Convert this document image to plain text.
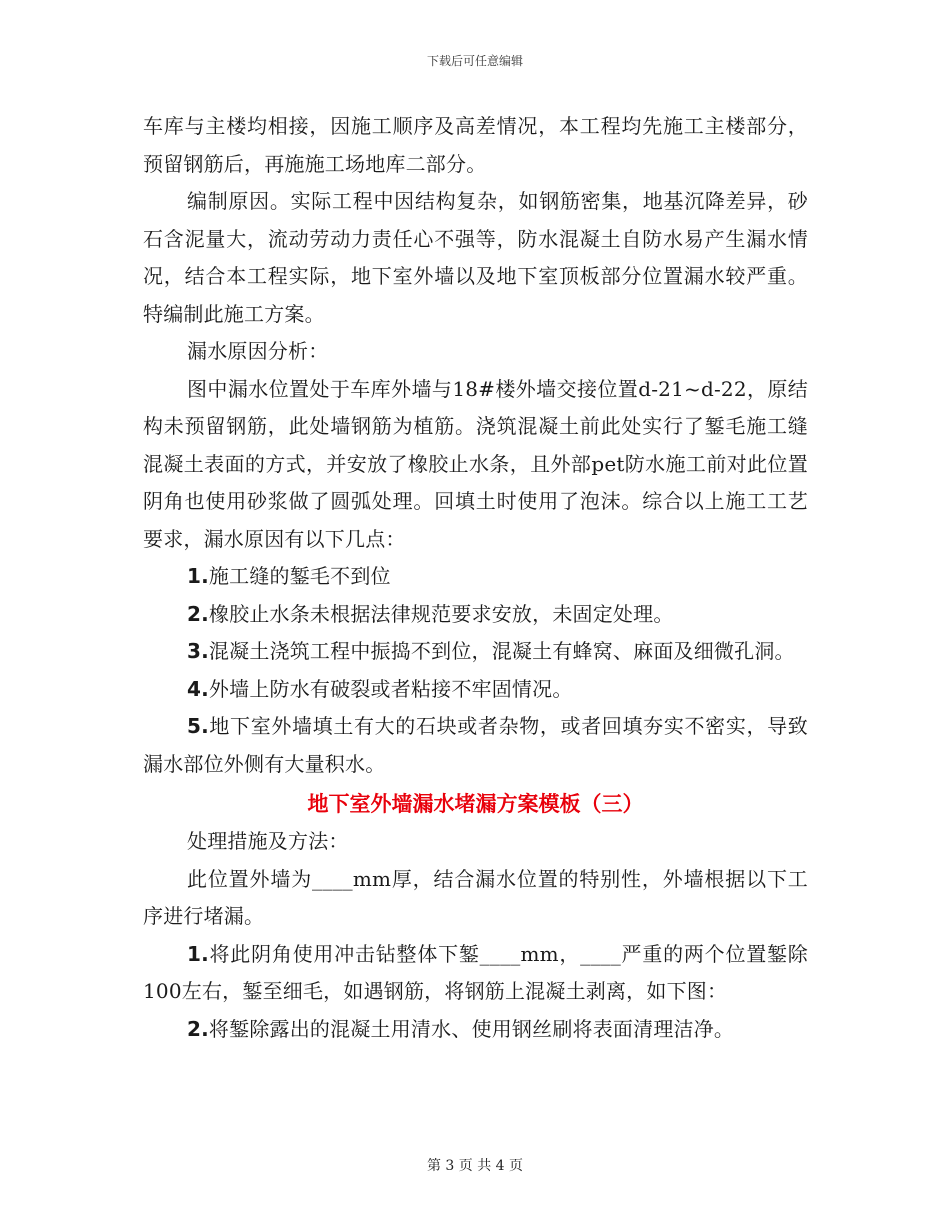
下载后可任意编辑

车库与主楼均相接，因施工顺序及高差情况，本工程均先施工主楼部分，预留钢筋后，再施施工场地库二部分。

编制原因。实际工程中因结构复杂，如钢筋密集，地基沉降差异，砂石含泥量大，流动劳动力责任心不强等，防水混凝土自防水易产生漏水情况，结合本工程实际，地下室外墙以及地下室顶板部分位置漏水较严重。特编制此施工方案。

漏水原因分析：

图中漏水位置处于车库外墙与18#楼外墙交接位置d-21~d-22，原结构未预留钢筋，此处墙钢筋为植筋。浇筑混凝土前此处实行了錾毛施工缝混凝土表面的方式，并安放了橡胶止水条，且外部pet防水施工前对此位置阴角也使用砂浆做了圆弧处理。回填土时使用了泡沫。综合以上施工工艺要求，漏水原因有以下几点：

1.施工缝的錾毛不到位

2.橡胶止水条未根据法律规范要求安放，未固定处理。

3.混凝土浇筑工程中振捣不到位，混凝土有蜂窝、麻面及细微孔洞。

4.外墙上防水有破裂或者粘接不牢固情况。

5.地下室外墙填土有大的石块或者杂物，或者回填夯实不密实，导致漏水部位外侧有大量积水。

地下室外墙漏水堵漏方案模板（三）

处理措施及方法：

此位置外墙为____mm厚，结合漏水位置的特别性，外墙根据以下工序进行堵漏。

1.将此阴角使用冲击钻整体下錾____mm，____严重的两个位置錾除100左右，錾至细毛，如遇钢筋，将钢筋上混凝土剥离，如下图：

2.将錾除露出的混凝土用清水、使用钢丝刷将表面清理洁净。

第 3 页 共 4 页
